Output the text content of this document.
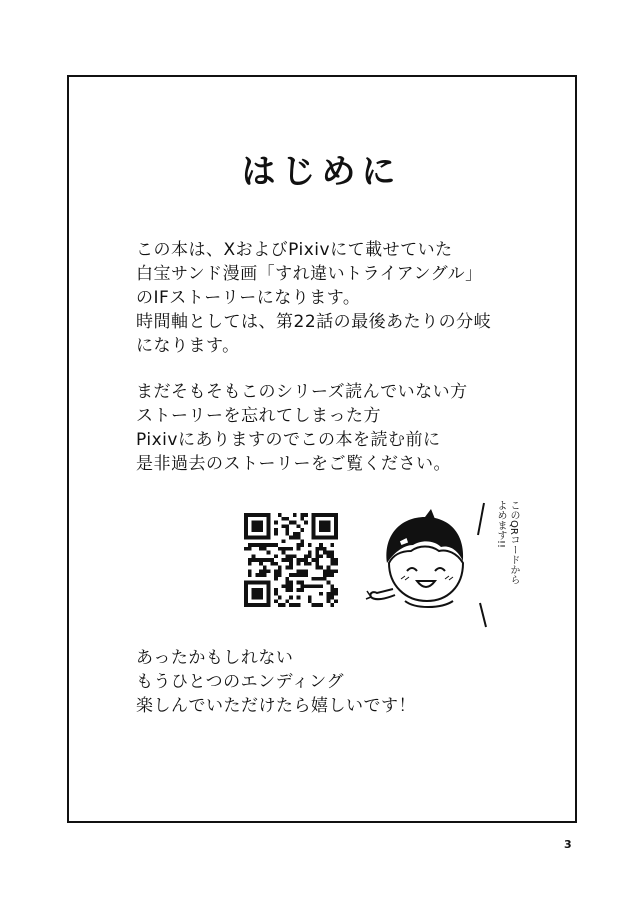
はじめに

この本は、XおよびPixivにて載せていた
白宝サンド漫画「すれ違いトライアングル」
のIFストーリーになります。
時間軸としては、第22話の最後あたりの分岐
になります。

まだそもそもこのシリーズ読んでいない方
ストーリーを忘れてしまった方
Pixivにありますのでこの本を読む前に
是非過去のストーリーをご覧ください。

このQRコードから
よめます!!

あったかもしれない
もうひとつのエンディング
楽しんでいただけたら嬉しいです！

3
